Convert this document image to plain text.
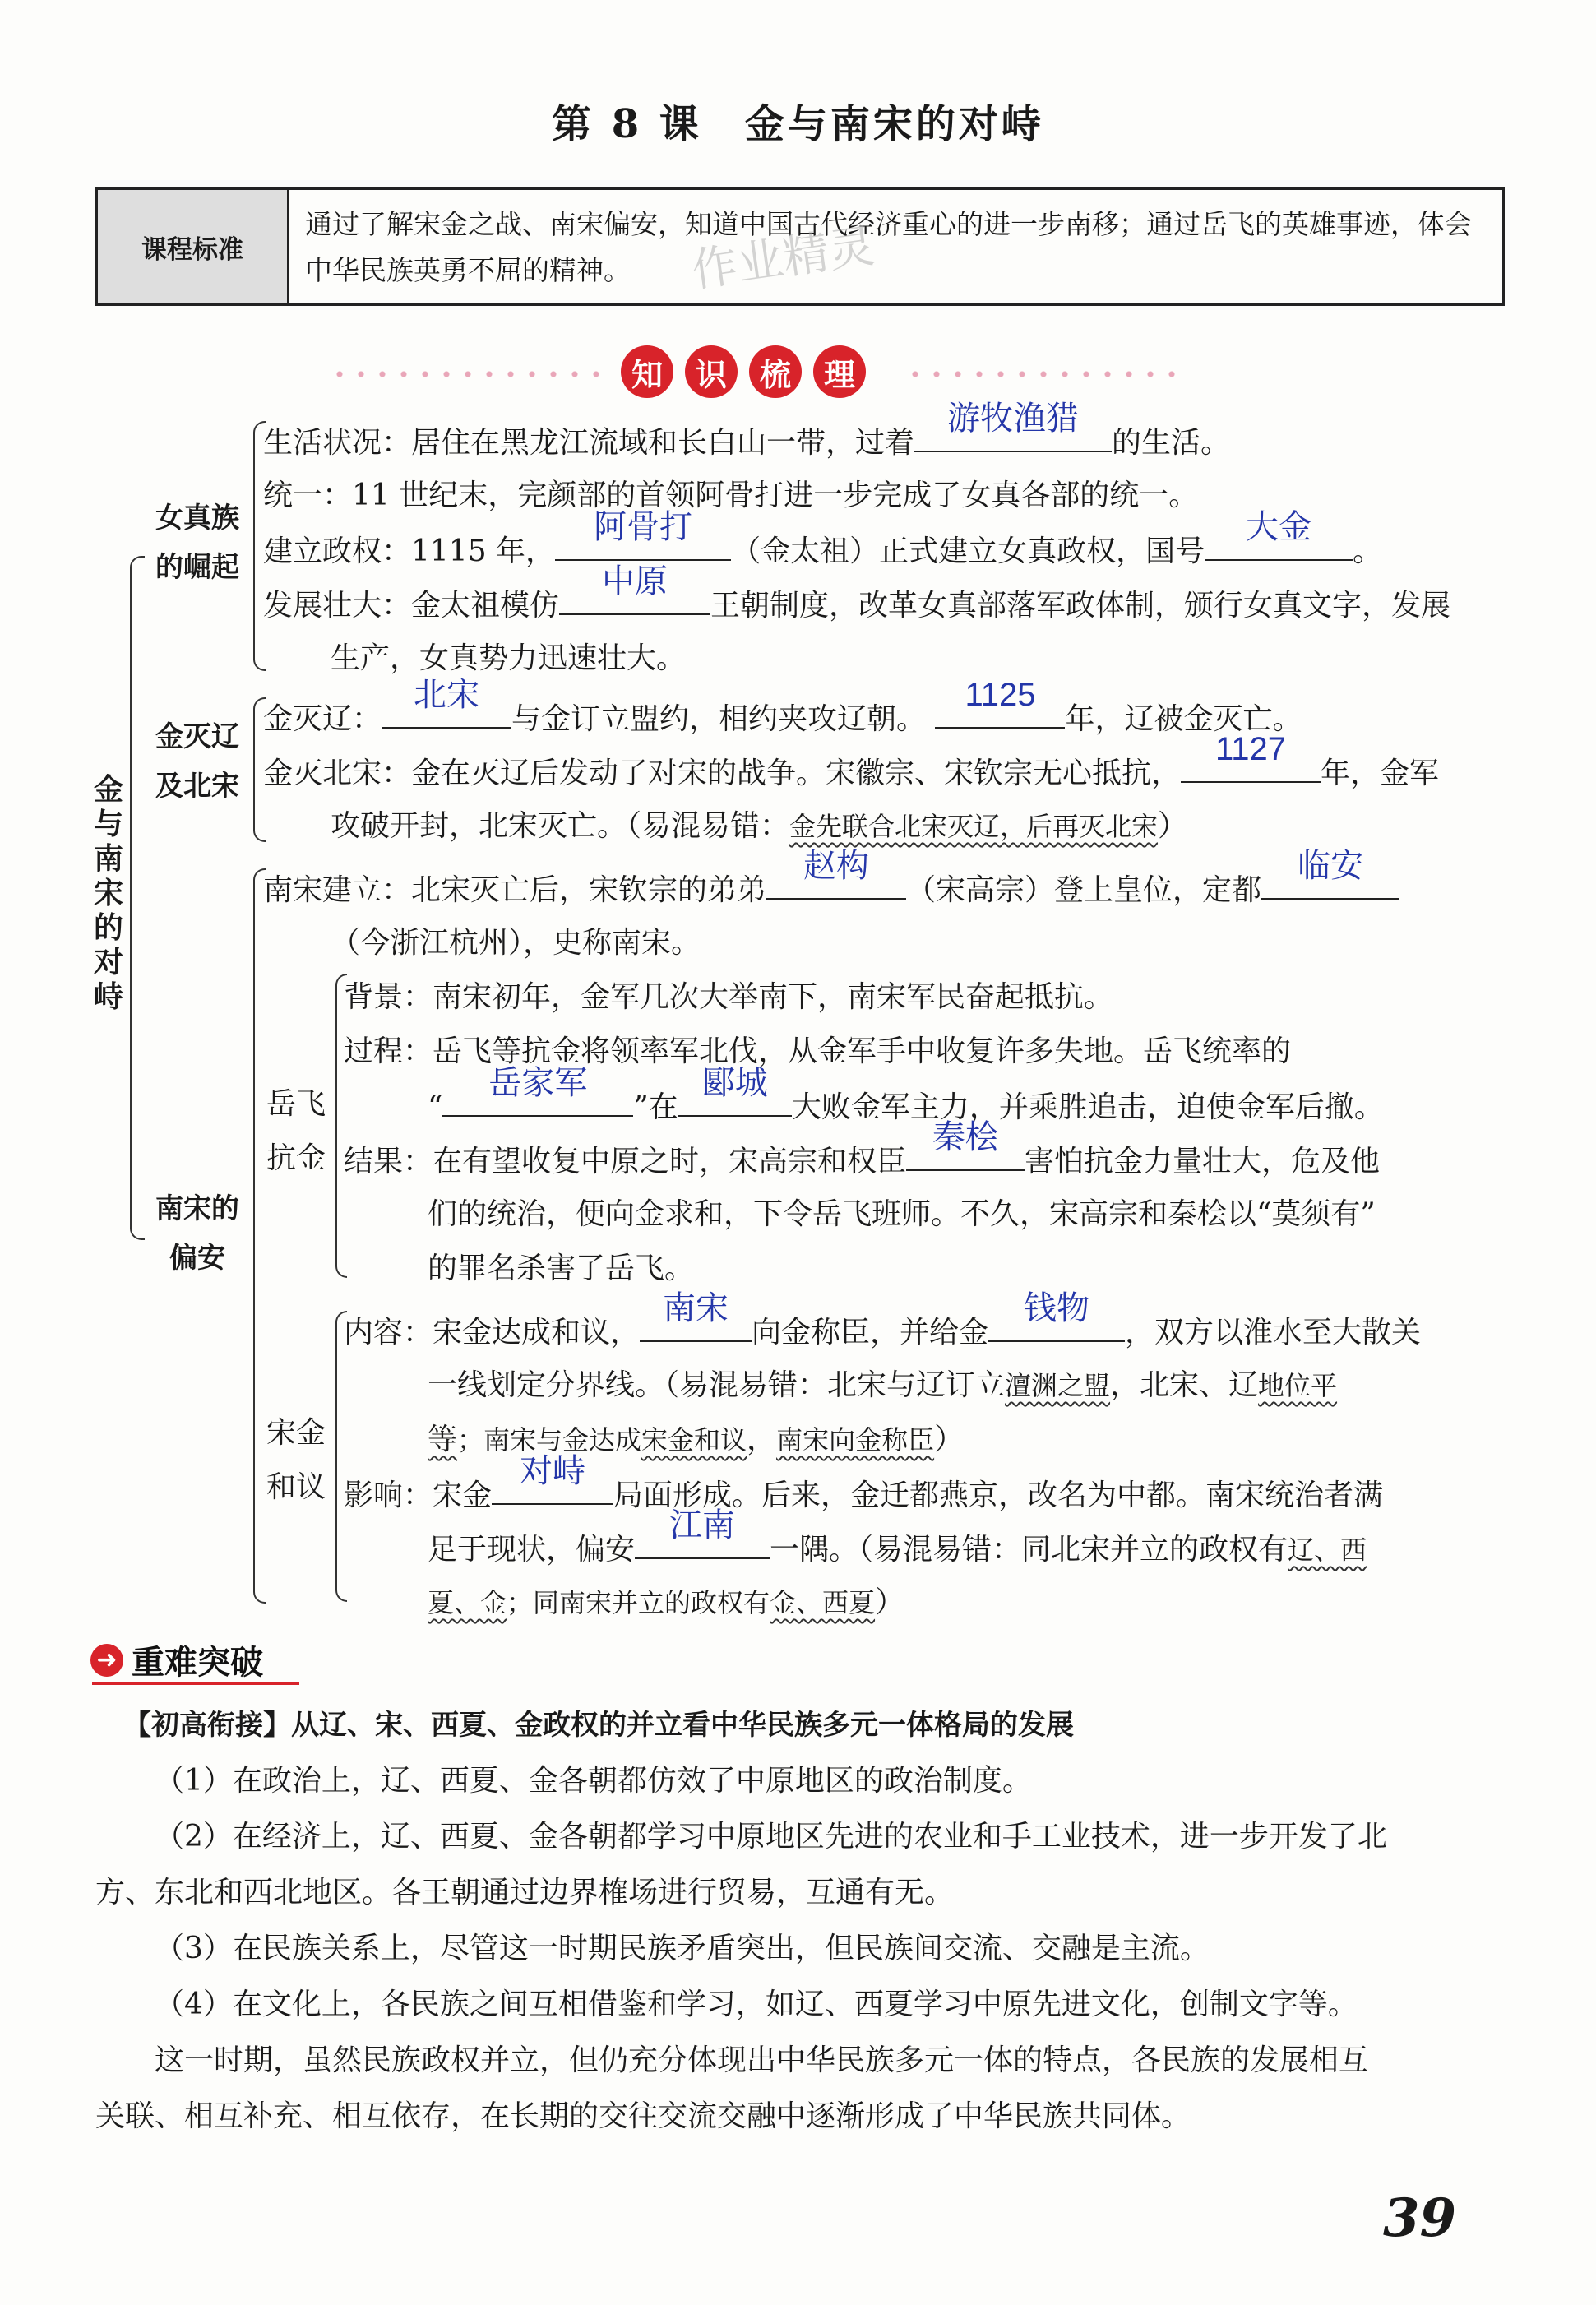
第 8 课　金与南宋的对峙
课程标准
通过了解宋金之战、南宋偏安，知道中国古代经济重心的进一步南移；通过岳飞的英雄事迹，体会中华民族英勇不屈的精神。	作业精灵
知	识	梳	理
金与南宋的对峙
女真族
的崛起
金灭辽
及北宋
南宋的
偏安
岳飞
抗金
宋金
和议
生活状况：居住在黑龙江流域和长白山一带，过着
游牧渔猎
的生活。
统一：11 世纪末，完颜部的首领阿骨打进一步完成了女真各部的统一。
建立政权：1115 年，
阿骨打
（金太祖）正式建立女真政权，国号
大金
。
发展壮大：金太祖模仿
中原
王朝制度，改革女真部落军政体制，颁行女真文字，发展
生产，女真势力迅速壮大。
金灭辽：
北宋
与金订立盟约，相约夹攻辽朝。
1125
年，辽被金灭亡。
金灭北宋：金在灭辽后发动了对宋的战争。宋徽宗、宋钦宗无心抵抗，
1127
年，金军
攻破开封，北宋灭亡。（易混易错：金先联合北宋灭辽，后再灭北宋）
南宋建立：北宋灭亡后，宋钦宗的弟弟
赵构
（宋高宗）登上皇位，定都
临安
（今浙江杭州），史称南宋。
背景：南宋初年，金军几次大举南下，南宋军民奋起抵抗。
过程：岳飞等抗金将领率军北伐，从金军手中收复许多失地。岳飞统率的
“
岳家军
”在
郾城
大败金军主力，并乘胜追击，迫使金军后撤。
结果：在有望收复中原之时，宋高宗和权臣
秦桧
害怕抗金力量壮大，危及他
们的统治，便向金求和，下令岳飞班师。不久，宋高宗和秦桧以“莫须有”
的罪名杀害了岳飞。
内容：宋金达成和议，
南宋
向金称臣，并给金
钱物
，双方以淮水至大散关
一线划定分界线。（易混易错：北宋与辽订立澶渊之盟，北宋、辽地位平
等；南宋与金达成宋金和议，南宋向金称臣）
影响：宋金
对峙
局面形成。后来，金迁都燕京，改名为中都。南宋统治者满
足于现状，偏安
江南
一隅。（易混易错：同北宋并立的政权有辽、西
夏、金；同南宋并立的政权有金、西夏）
➜ 重难突破
【初高衔接】从辽、宋、西夏、金政权的并立看中华民族多元一体格局的发展
（1）在政治上，辽、西夏、金各朝都仿效了中原地区的政治制度。
（2）在经济上，辽、西夏、金各朝都学习中原地区先进的农业和手工业技术，进一步开发了北
方、东北和西北地区。各王朝通过边界榷场进行贸易，互通有无。
（3）在民族关系上，尽管这一时期民族矛盾突出，但民族间交流、交融是主流。
（4）在文化上，各民族之间互相借鉴和学习，如辽、西夏学习中原先进文化，创制文字等。
这一时期，虽然民族政权并立，但仍充分体现出中华民族多元一体的特点，各民族的发展相互
关联、相互补充、相互依存，在长期的交往交流交融中逐渐形成了中华民族共同体。
39
